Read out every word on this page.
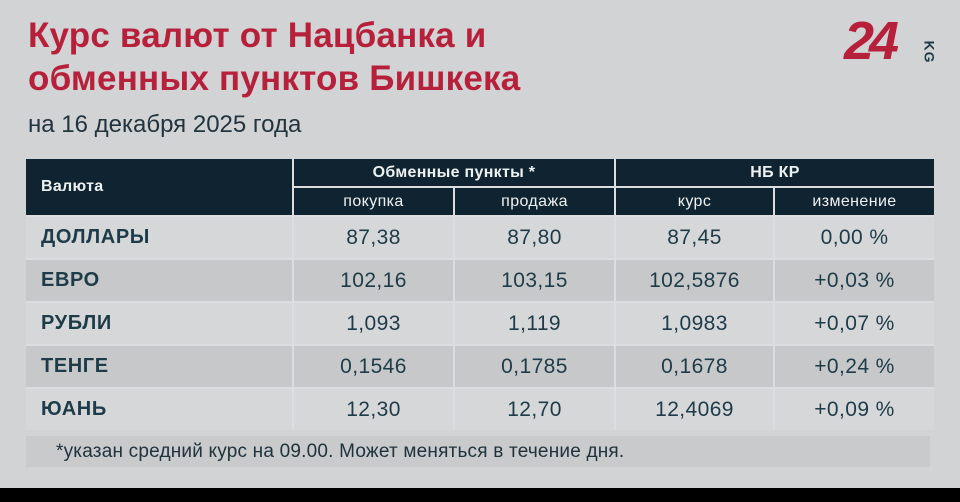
Курс валют от Нацбанка и
обменных пунктов Бишкека
на 16 декабря 2025 года
24 KG
Валюта
Обменные пункты *	НБ КР
покупка	продажа	курс	изменение
ДОЛЛАРЫ	87,38	87,80	87,45	0,00 %
ЕВРО	102,16	103,15	102,5876	+0,03 %
РУБЛИ	1,093	1,119	1,0983	+0,07 %
ТЕНГЕ	0,1546	0,1785	0,1678	+0,24 %
ЮАНЬ	12,30	12,70	12,4069	+0,09 %
*указан средний курс на 09.00. Может меняться в течение дня.
